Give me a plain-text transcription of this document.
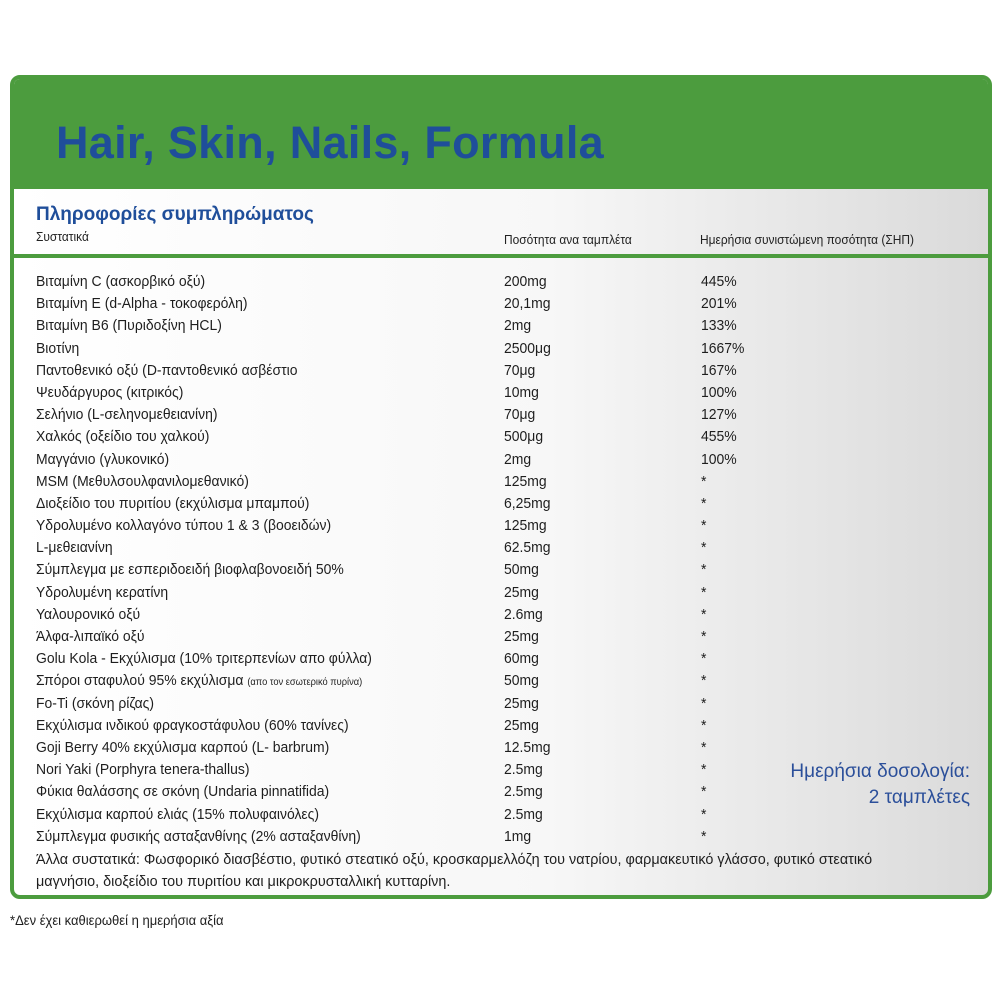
Hair, Skin, Nails, Formula
Πληροφορίες συμπληρώματος
Συστατικά	Ποσότητα ανα ταμπλέτα	Ημερήσια συνιστώμενη ποσότητα (ΣΗΠ)
Βιταμίνη C (ασκορβικό οξύ)	200mg	445%
Βιταμίνη E (d-Alpha - τοκοφερόλη)	20,1mg	201%
Βιταμίνη B6 (Πυριδοξίνη HCL)	2mg	133%
Βιοτίνη	2500μg	1667%
Παντοθενικό οξύ (D-παντοθενικό ασβέστιο	70μg	167%
Ψευδάργυρος (κιτρικός)	10mg	100%
Σελήνιο (L-σεληνομεθειανίνη)	70μg	127%
Χαλκός (οξείδιο του χαλκού)	500μg	455%
Μαγγάνιο (γλυκονικό)	2mg	100%
MSM (Μεθυλσουλφανιλομεθανικό)	125mg	*
Διοξείδιο του πυριτίου (εκχύλισμα μπαμπού)	6,25mg	*
Υδρολυμένο κολλαγόνο τύπου 1 & 3 (βοοειδών)	125mg	*
L-μεθειανίνη	62.5mg	*
Σύμπλεγμα με εσπεριδοειδή βιοφλαβονοειδή 50%	50mg	*
Υδρολυμένη κερατίνη	25mg	*
Υαλουρονικό οξύ	2.6mg	*
Άλφα-λιπαϊκό οξύ	25mg	*
Golu Kola - Εκχύλισμα (10% τριτερπενίων απο φύλλα)	60mg	*
Σπόροι σταφυλού 95% εκχύλισμα (απο τον εσωτερικό πυρίνα)	50mg	*
Fo-Ti (σκόνη ρίζας)	25mg	*
Εκχύλισμα ινδικού φραγκοστάφυλου (60% τανίνες)	25mg	*
Goji Berry 40% εκχύλισμα καρπού (L- barbrum)	12.5mg	*
Nori Yaki (Porphyra tenera-thallus)	2.5mg	*
Φύκια θαλάσσης σε σκόνη (Undaria pinnatifida)	2.5mg	*
Εκχύλισμα καρπού ελιάς (15% πολυφαινόλες)	2.5mg	*
Σύμπλεγμα φυσικής ασταξανθίνης (2% ασταξανθίνη)	1mg	*
Ημερήσια δοσολογία:
2 ταμπλέτες
Άλλα συστατικά: Φωσφορικό διασβέστιο, φυτικό στεατικό οξύ, κροσκαρμελλόζη του νατρίου, φαρμακευτικό γλάσσο, φυτικό στεατικό μαγνήσιο, διοξείδιο του πυριτίου και μικροκρυσταλλική κυτταρίνη.
*Δεν έχει καθιερωθεί η ημερήσια αξία
